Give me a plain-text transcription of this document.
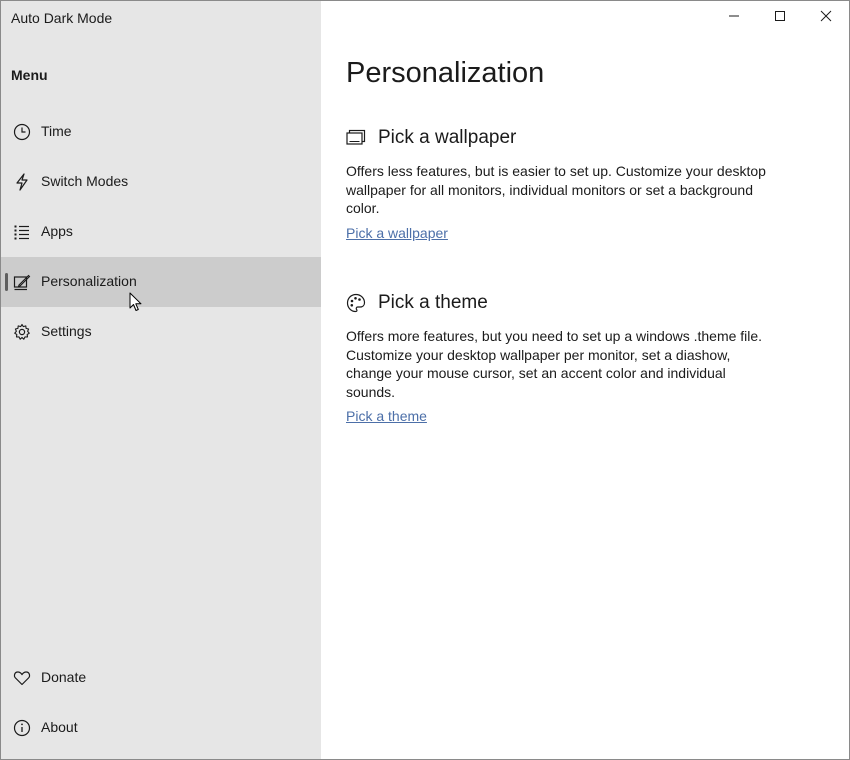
Auto Dark Mode
Menu
Time
Switch Modes
Apps
Personalization
Settings
Donate
About
Personalization
Pick a wallpaper
Offers less features, but is easier to set up. Customize your desktop wallpaper for all monitors, individual monitors or set a background color.
Pick a wallpaper
Pick a theme
Offers more features, but you need to set up a windows .theme file. Customize your desktop wallpaper per monitor, set a diashow, change your mouse cursor, set an accent color and individual sounds.
Pick a theme
